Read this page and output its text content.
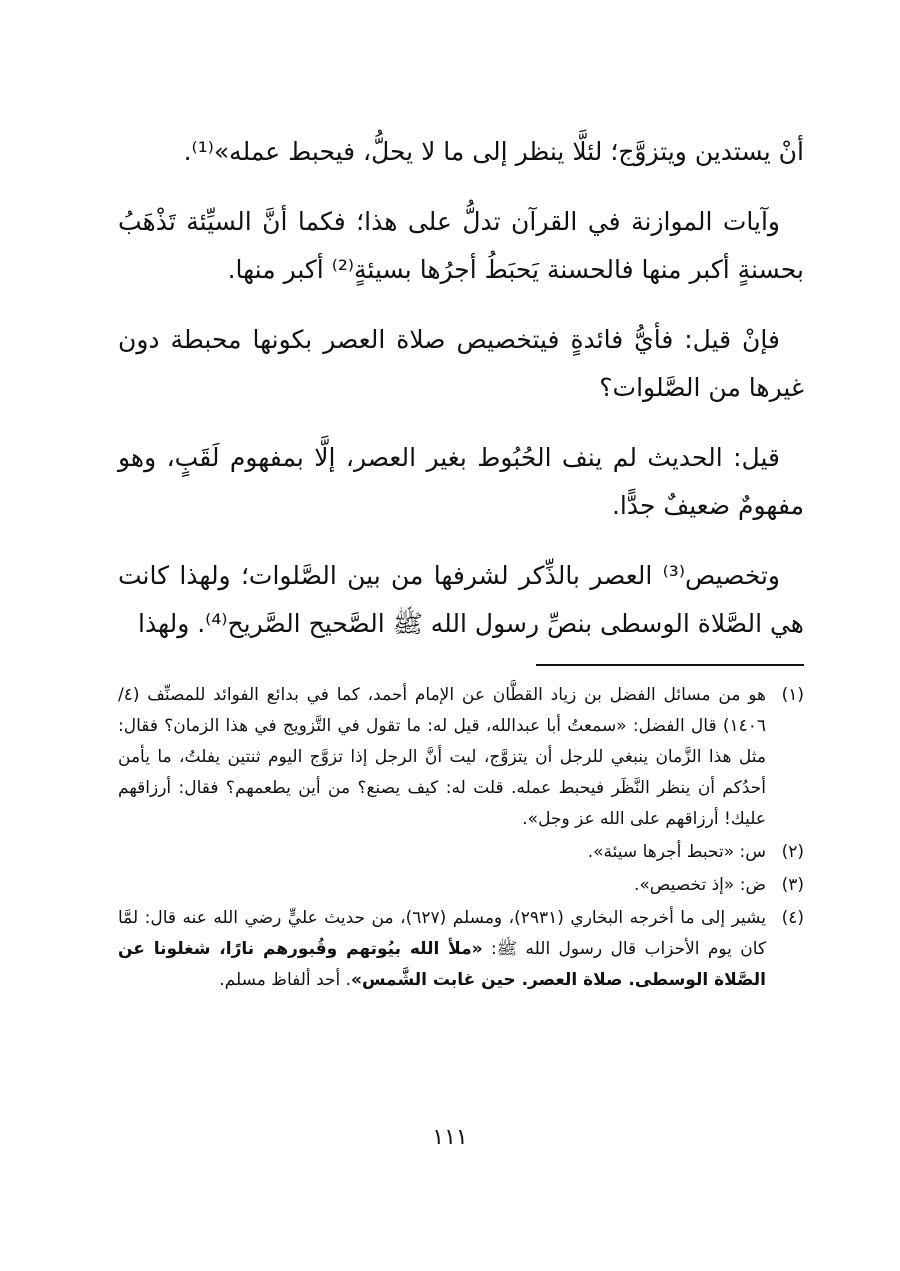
أنْ يستدين ويتزوَّج؛ لئلَّا ينظر إلى ما لا يحلُّ، فيحبط عمله»⁽¹⁾.

وآيات الموازنة في القرآن تدلُّ على هذا؛ فكما أنَّ السيِّئة تَذْهَبُ بحسنةٍ أكبر منها فالحسنة يَحبَطُ أجرُها بسيئةٍ⁽²⁾ أكبر منها.

فإنْ قيل: فأيُّ فائدةٍ فيتخصيص صلاة العصر بكونها محبطة دون غيرها من الصَّلوات؟

قيل: الحديث لم ينف الحُبُوط بغير العصر، إلَّا بمفهوم لَقَبٍ، وهو مفهومٌ ضعيفٌ جدًّا.

وتخصيص⁽³⁾ العصر بالذِّكر لشرفها من بين الصَّلوات؛ ولهذا كانت هي الصَّلاة الوسطى بنصِّ رسول الله ﷺ الصَّحيح الصَّريح⁽⁴⁾. ولهذا

(١)
هو من مسائل الفضل بن زياد القطَّان عن الإمام أحمد، كما في بدائع الفوائد للمصنِّف (٤/ ١٤٠٦) قال الفضل: «سمعتُ أبا عبدالله، قيل له: ما تقول في التَّزويج في هذا الزمان؟ فقال: مثل هذا الزَّمان ينبغي للرجل أن يتزوَّج، ليت أنَّ الرجل إذا تزوَّج اليوم ثنتين يفلتُ، ما يأمن أحدُكم أن ينظر النَّظَر فيحبط عمله. قلت له: كيف يصنع؟ من أين يطعمهم؟ فقال: أرزاقهم عليك! أرزاقهم على الله عز وجل».
(٢)
س: «تحبط أجرها سيئة».
(٣)
ض: «إذ تخصيص».
(٤)
يشير إلى ما أخرجه البخاري (٢٩٣١)، ومسلم (٦٢٧)، من حديث عليٍّ رضي الله عنه قال: لمَّا كان يوم الأحزاب قال رسول الله ﷺ: «ملأ الله بيُوتهم وقُبورهم نارًا، شغلونا عن الصَّلاة الوسطى. صلاة العصر. حين غابت الشَّمس». أحد ألفاظ مسلم.
١١١
